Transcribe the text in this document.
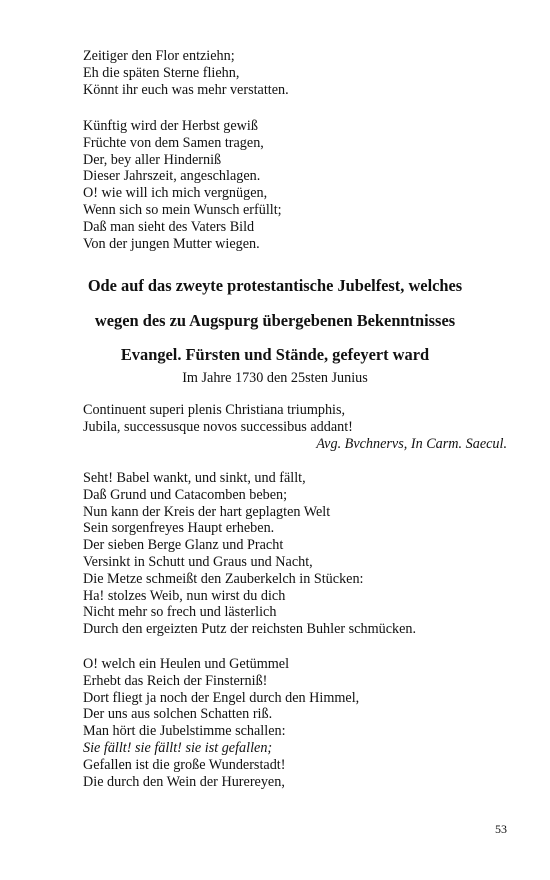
Zeitiger den Flor entziehn;
Eh die späten Sterne fliehn,
Könnt ihr euch was mehr verstatten.
Künftig wird der Herbst gewiß
Früchte von dem Samen tragen,
Der, bey aller Hinderniß
Dieser Jahrszeit, angeschlagen.
O! wie will ich mich vergnügen,
Wenn sich so mein Wunsch erfüllt;
Daß man sieht des Vaters Bild
Von der jungen Mutter wiegen.
Ode auf das zweyte protestantische Jubelfest, welches
wegen des zu Augspurg übergebenen Bekenntnisses
Evangel. Fürsten und Stände, gefeyert ward
Im Jahre 1730 den 25sten Junius
Continuent superi plenis Christiana triumphis,
Jubila, successusque novos successibus addant!
Avg. Bvchnervs, In Carm. Saecul.
Seht! Babel wankt, und sinkt, und fällt,
Daß Grund und Catacomben beben;
Nun kann der Kreis der hart geplagten Welt
Sein sorgenfreyes Haupt erheben.
Der sieben Berge Glanz und Pracht
Versinkt in Schutt und Graus und Nacht,
Die Metze schmeißt den Zauberkelch in Stücken:
Ha! stolzes Weib, nun wirst du dich
Nicht mehr so frech und lästerlich
Durch den ergeizten Putz der reichsten Buhler schmücken.
O! welch ein Heulen und Getümmel
Erhebt das Reich der Finsterniß!
Dort fliegt ja noch der Engel durch den Himmel,
Der uns aus solchen Schatten riß.
Man hört die Jubelstimme schallen:
Sie fällt! sie fällt! sie ist gefallen;
Gefallen ist die große Wunderstadt!
Die durch den Wein der Hurereyen,
53
